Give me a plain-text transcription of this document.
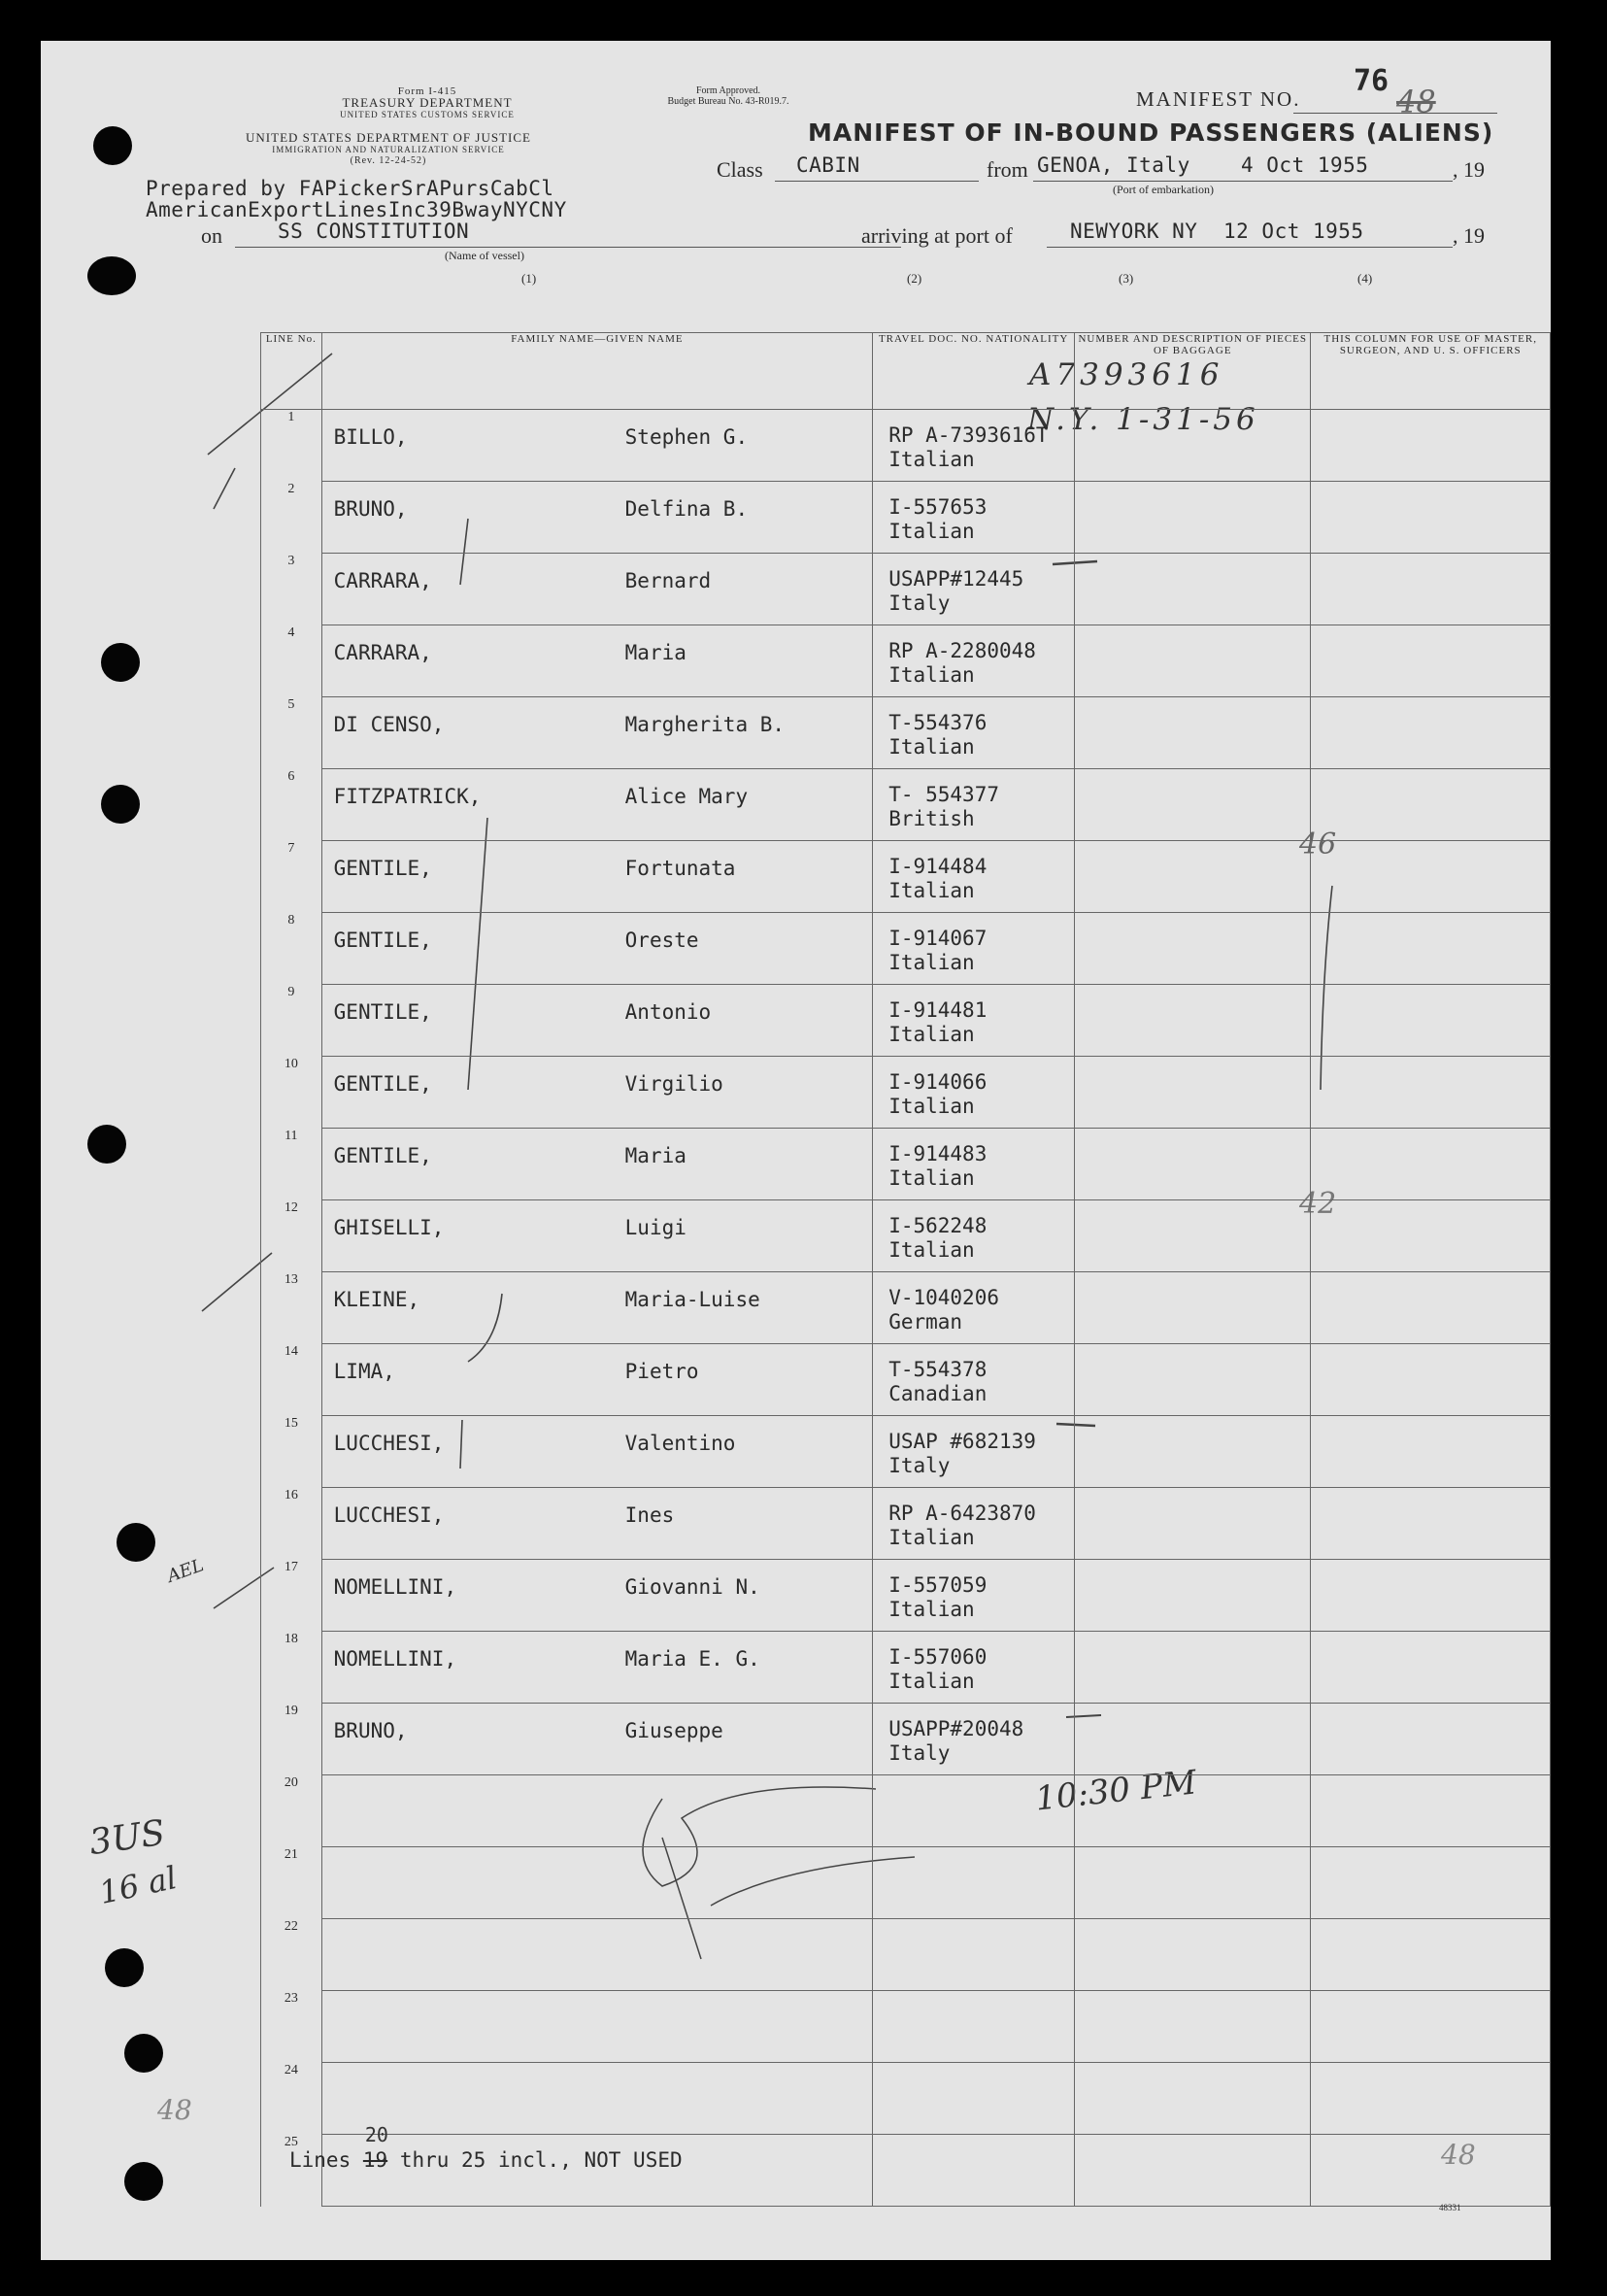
Form I-415
TREASURY DEPARTMENT
UNITED STATES CUSTOMS SERVICE
UNITED STATES DEPARTMENT OF JUSTICE
IMMIGRATION AND NATURALIZATION SERVICE
(Rev. 12-24-52)
Form Approved.
Budget Bureau No. 43-R019.7.	MANIFEST NO.
76
48
MANIFEST OF IN-BOUND PASSENGERS (ALIENS)
Prepared by FAPickerSrAPursCabCl
AmericanExportLinesInc39BwayNYCNY
Class CABIN	from GENOA, Italy 4 Oct 1955	, 19
(Port of embarkation)
on	SS CONSTITUTION
(Name of vessel)
arriving at port of	NEWYORK NY 12 Oct 1955	, 19
(1)	(2)	(3)	(4)
A7393616
N.Y. 1-31-56
3US
16 al
AEL
46
42
48
48
10:30 PM
LINE No.	FAMILY NAME—GIVEN NAME	TRAVEL DOC. NO. NATIONALITY	NUMBER AND DESCRIPTION OF PIECES OF BAGGAGE	THIS COLUMN FOR USE OF MASTER, SURGEON, AND U. S. OFFICERS
1	BILLO, Stephen G.	RP A-7393616T
Italian		

2	BRUNO, Delfina B.	I-557653
Italian		

3	CARRARA, Bernard	USAPP#12445
Italy		

4	CARRARA, Maria	RP A-2280048
Italian		

5	DI CENSO, Margherita B.	T-554376
Italian		

6	FITZPATRICK, Alice Mary	T- 554377
British		

7	GENTILE, Fortunata	I-914484
Italian		

8	GENTILE, Oreste	I-914067
Italian		

9	GENTILE, Antonio	I-914481
Italian		

10	GENTILE, Virgilio	I-914066
Italian		

11	GENTILE, Maria	I-914483
Italian		

12	GHISELLI, Luigi	I-562248
Italian		

13	KLEINE, Maria-Luise	V-1040206
German		

14	LIMA, Pietro	T-554378
Canadian		

15	LUCCHESI, Valentino	USAP #682139
Italy		

16	LUCCHESI, Ines	RP A-6423870
Italian		

17	NOMELLINI, Giovanni N.	I-557059
Italian		

18	NOMELLINI, Maria E. G.	I-557060
Italian		

19	BRUNO, Giuseppe	USAPP#20048
Italy		

20		

21		

22		

23		

24		

25		

Lines 19
20
thru 25 incl., NOT USED
48331
